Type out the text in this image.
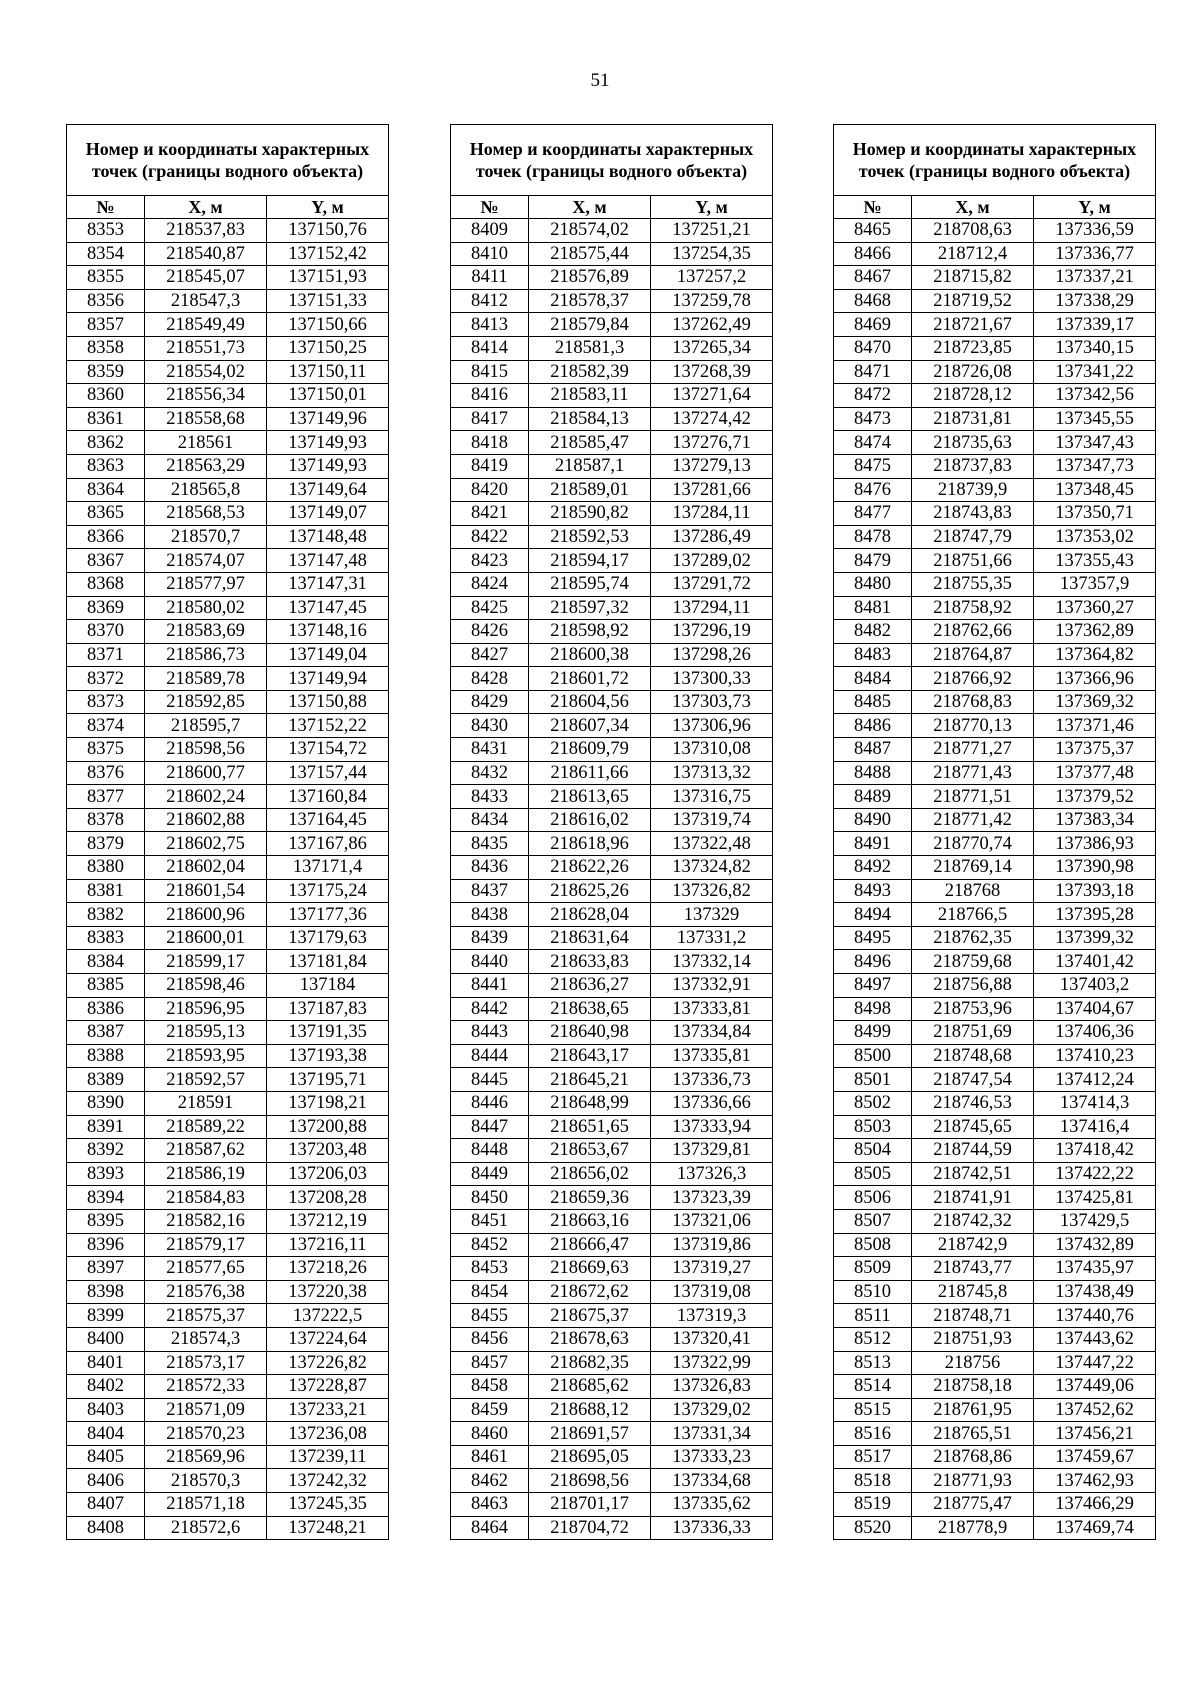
51
Номер и координаты характерных точек (границы водного объекта)		
№	X, м	Y, м
8353	218537,83	137150,76
8354	218540,87	137152,42
8355	218545,07	137151,93
8356	218547,3	137151,33
8357	218549,49	137150,66
8358	218551,73	137150,25
8359	218554,02	137150,11
8360	218556,34	137150,01
8361	218558,68	137149,96
8362	218561	137149,93
8363	218563,29	137149,93
8364	218565,8	137149,64
8365	218568,53	137149,07
8366	218570,7	137148,48
8367	218574,07	137147,48
8368	218577,97	137147,31
8369	218580,02	137147,45
8370	218583,69	137148,16
8371	218586,73	137149,04
8372	218589,78	137149,94
8373	218592,85	137150,88
8374	218595,7	137152,22
8375	218598,56	137154,72
8376	218600,77	137157,44
8377	218602,24	137160,84
8378	218602,88	137164,45
8379	218602,75	137167,86
8380	218602,04	137171,4
8381	218601,54	137175,24
8382	218600,96	137177,36
8383	218600,01	137179,63
8384	218599,17	137181,84
8385	218598,46	137184
8386	218596,95	137187,83
8387	218595,13	137191,35
8388	218593,95	137193,38
8389	218592,57	137195,71
8390	218591	137198,21
8391	218589,22	137200,88
8392	218587,62	137203,48
8393	218586,19	137206,03
8394	218584,83	137208,28
8395	218582,16	137212,19
8396	218579,17	137216,11
8397	218577,65	137218,26
8398	218576,38	137220,38
8399	218575,37	137222,5
8400	218574,3	137224,64
8401	218573,17	137226,82
8402	218572,33	137228,87
8403	218571,09	137233,21
8404	218570,23	137236,08
8405	218569,96	137239,11
8406	218570,3	137242,32
8407	218571,18	137245,35
8408	218572,6	137248,21
Номер и координаты характерных точек (границы водного объекта)		
№	X, м	Y, м
8409	218574,02	137251,21
8410	218575,44	137254,35
8411	218576,89	137257,2
8412	218578,37	137259,78
8413	218579,84	137262,49
8414	218581,3	137265,34
8415	218582,39	137268,39
8416	218583,11	137271,64
8417	218584,13	137274,42
8418	218585,47	137276,71
8419	218587,1	137279,13
8420	218589,01	137281,66
8421	218590,82	137284,11
8422	218592,53	137286,49
8423	218594,17	137289,02
8424	218595,74	137291,72
8425	218597,32	137294,11
8426	218598,92	137296,19
8427	218600,38	137298,26
8428	218601,72	137300,33
8429	218604,56	137303,73
8430	218607,34	137306,96
8431	218609,79	137310,08
8432	218611,66	137313,32
8433	218613,65	137316,75
8434	218616,02	137319,74
8435	218618,96	137322,48
8436	218622,26	137324,82
8437	218625,26	137326,82
8438	218628,04	137329
8439	218631,64	137331,2
8440	218633,83	137332,14
8441	218636,27	137332,91
8442	218638,65	137333,81
8443	218640,98	137334,84
8444	218643,17	137335,81
8445	218645,21	137336,73
8446	218648,99	137336,66
8447	218651,65	137333,94
8448	218653,67	137329,81
8449	218656,02	137326,3
8450	218659,36	137323,39
8451	218663,16	137321,06
8452	218666,47	137319,86
8453	218669,63	137319,27
8454	218672,62	137319,08
8455	218675,37	137319,3
8456	218678,63	137320,41
8457	218682,35	137322,99
8458	218685,62	137326,83
8459	218688,12	137329,02
8460	218691,57	137331,34
8461	218695,05	137333,23
8462	218698,56	137334,68
8463	218701,17	137335,62
8464	218704,72	137336,33
Номер и координаты характерных точек (границы водного объекта)		
№	X, м	Y, м
8465	218708,63	137336,59
8466	218712,4	137336,77
8467	218715,82	137337,21
8468	218719,52	137338,29
8469	218721,67	137339,17
8470	218723,85	137340,15
8471	218726,08	137341,22
8472	218728,12	137342,56
8473	218731,81	137345,55
8474	218735,63	137347,43
8475	218737,83	137347,73
8476	218739,9	137348,45
8477	218743,83	137350,71
8478	218747,79	137353,02
8479	218751,66	137355,43
8480	218755,35	137357,9
8481	218758,92	137360,27
8482	218762,66	137362,89
8483	218764,87	137364,82
8484	218766,92	137366,96
8485	218768,83	137369,32
8486	218770,13	137371,46
8487	218771,27	137375,37
8488	218771,43	137377,48
8489	218771,51	137379,52
8490	218771,42	137383,34
8491	218770,74	137386,93
8492	218769,14	137390,98
8493	218768	137393,18
8494	218766,5	137395,28
8495	218762,35	137399,32
8496	218759,68	137401,42
8497	218756,88	137403,2
8498	218753,96	137404,67
8499	218751,69	137406,36
8500	218748,68	137410,23
8501	218747,54	137412,24
8502	218746,53	137414,3
8503	218745,65	137416,4
8504	218744,59	137418,42
8505	218742,51	137422,22
8506	218741,91	137425,81
8507	218742,32	137429,5
8508	218742,9	137432,89
8509	218743,77	137435,97
8510	218745,8	137438,49
8511	218748,71	137440,76
8512	218751,93	137443,62
8513	218756	137447,22
8514	218758,18	137449,06
8515	218761,95	137452,62
8516	218765,51	137456,21
8517	218768,86	137459,67
8518	218771,93	137462,93
8519	218775,47	137466,29
8520	218778,9	137469,74
